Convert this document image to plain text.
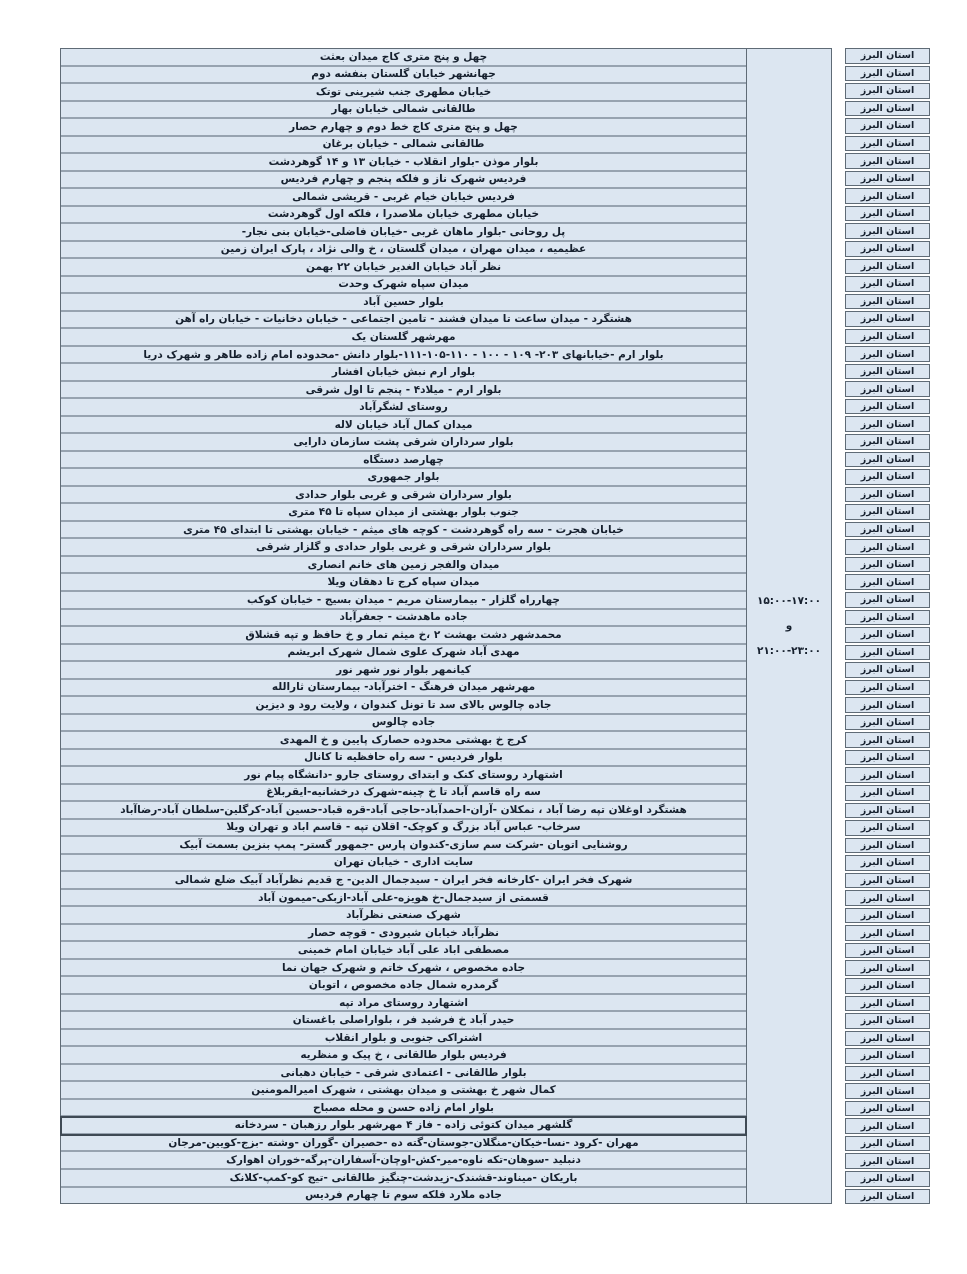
چهل و پنج متری کاج میدان بعثت
جهانشهر خیابان گلستان بنفشه دوم
خیابان مطهری جنب شیرینی توتک
طالقانی شمالی خیابان بهار
چهل و پنج متری کاج خط دوم و چهارم حصار
طالقانی شمالی - خیابان برغان
بلوار موذن -بلوار انقلاب - خیابان ۱۳ و ۱۴ گوهردشت
فردیس شهرک ناز و فلکه پنجم و چهارم فردیس
فردیس خیابان خیام غربی - قریشی شمالی
خیابان مطهری خیابان ملاصدرا ، فلکه اول گوهردشت
پل روحانی -بلوار ماهان غربی -خیابان فاضلی-خیابان بنی نجار-
عظیمیه ، میدان مهران ، میدان گلستان ، خ والی نژاد ، پارک ایران زمین
نظر آباد خیابان الغدیر خیابان ۲۲ بهمن
میدان سپاه شهرک وحدت
بلوار حسین آباد
هشتگرد - میدان ساعت تا میدان فشند - تامین اجتماعی - خیابان دخانیات - خیابان راه آهن
مهرشهر گلستان یک
بلوار ارم -خیابانهای ۲۰۳- ۱۰۹ - ۱۰۰ - ۱۱۰-۱۰۵-۱۱۱-بلوار دانش -محدوده امام زاده طاهر و شهرک دریا
بلوار ارم نبش خیابان افشار
بلوار ارم - میلاد۴ - پنجم تا اول شرقی
روستای لشگرآباد
میدان کمال آباد خیابان لاله
بلوار سرداران شرقی پشت سازمان دارایی
چهارصد دستگاه
بلوار جمهوری
بلوار سرداران شرقی و غربی بلوار حدادی
جنوب بلوار بهشتی از میدان سپاه تا ۴۵ متری
خیابان هجرت - سه راه گوهردشت - کوچه های میثم - خیابان بهشتی تا ابتدای ۴۵ متری
بلوار سرداران شرقی و غربی بلوار حدادی و گلزار شرقی
میدان والفجر زمین های خانم انصاری
میدان سپاه کرج تا دهقان ویلا
چهارراه گلزار - بیمارستان مریم - میدان بسیج - خیابان کوکب
جاده ماهدشت - جعفرآباد
محمدشهر دشت بهشت ۲ ،خ میثم تمار و خ حافظ و تپه قشلاق
مهدی آباد شهرک علوی شمال شهرک ابریشم
کیانمهر بلوار نور شهر نور
مهرشهر میدان فرهنگ - اخترآباد- بیمارستان ثارالله
جاده چالوس بالای سد تا تونل کندوان ، ولایت رود و دیزین
جاده چالوس
کرج خ بهشتی محدوده حصارک پایین و خ المهدی
بلوار فردیس - سه راه حافظیه تا کانال
اشتهارد روستای کنک و ابتدای روستای جارو -دانشگاه پیام نور
سه راه قاسم آباد تا خ چینه-شهرک درخشانیه-ایقربلاغ
هشتگرد اوغلان تپه رضا آباد ، نمکلان -آران-احمدآباد-حاجی آباد-قره قباد-حسین آباد-کرگلین-سلطان آباد-رضاآباد
سرخاب- عباس آباد بزرگ و کوچک- اقلان تپه - قاسم اباد و تهران ویلا
روشنایی اتوبان -شرکت سم سازی-کندوان پارس -جمهور گستر- پمپ بنزین بسمت آبیک
سایت اداری - خیابان تهران
شهرک فخر ایران -کارخانه فخر ایران - سیدجمال الدین- ج قدیم نظرآباد آبیک ضلع شمالی
قسمتی از سیدجمال-خ هویزه-علی آباد-ازبکی-میمون آباد
شهرک صنعتی نظرآباد
نظرآباد خیابان شیرودی - قوچه حصار
مصطفی اباد علی آباد خیابان امام خمینی
جاده مخصوص ، شهرک خاتم و شهرک جهان نما
گرمدره شمال جاده مخصوص ، اتوبان
اشتهارد روستای مراد تپه
حیدر آباد خ فرشید فر ، بلواراصلی باغستان
اشتراکی جنوبی و بلوار انقلاب
فردیس بلوار طالقانی ، خ پیک و منظریه
بلوار طالقانی - اعتمادی شرقی - خیابان دهبانی
کمال شهر خ بهشتی و میدان بهشتی ، شهرک امیرالمومنین
بلوار امام زاده حسن و محله مصباح
گلشهر میدان کتوئی زاده - فاز ۴ مهرشهر بلوار رزهبان - سردخانه
مهران -کرود -نسا-خیکان-منگلان-جوستان-گته ده -حصیران -گوران -وشته -بزج-کویین-مرجان
دنبلید -سوهان-تکه ناوه-میر-کش-اوچان-آسفاران-پرگه-خوران اهوارک
باریکان -میناوند-قشندک-زیدشت-چنگیز طالقانی -تیج کو-کمپ-کلانک
جاده ملارد فلکه سوم تا چهارم فردیس
۱۵:۰۰-۱۷:۰۰
و
۲۱:۰۰-۲۳:۰۰
استان البرز
استان البرز
استان البرز
استان البرز
استان البرز
استان البرز
استان البرز
استان البرز
استان البرز
استان البرز
استان البرز
استان البرز
استان البرز
استان البرز
استان البرز
استان البرز
استان البرز
استان البرز
استان البرز
استان البرز
استان البرز
استان البرز
استان البرز
استان البرز
استان البرز
استان البرز
استان البرز
استان البرز
استان البرز
استان البرز
استان البرز
استان البرز
استان البرز
استان البرز
استان البرز
استان البرز
استان البرز
استان البرز
استان البرز
استان البرز
استان البرز
استان البرز
استان البرز
استان البرز
استان البرز
استان البرز
استان البرز
استان البرز
استان البرز
استان البرز
استان البرز
استان البرز
استان البرز
استان البرز
استان البرز
استان البرز
استان البرز
استان البرز
استان البرز
استان البرز
استان البرز
استان البرز
استان البرز
استان البرز
استان البرز
استان البرز
